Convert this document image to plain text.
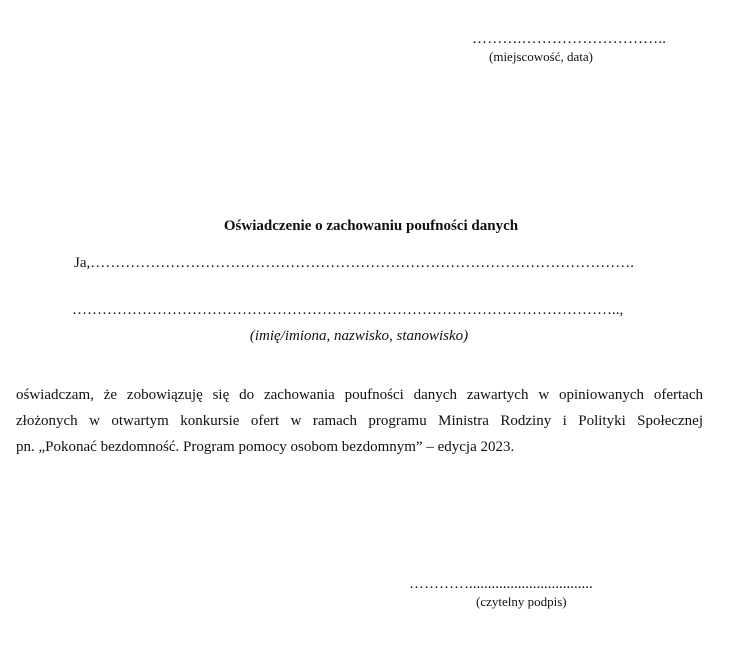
……….………………………..
(miejscowość, data)
Oświadczenie o zachowaniu poufności danych
Ja,……………………………………………………………………………………………….
………………………………………………………………………………………………..,
(imię/imiona, nazwisko, stanowisko)
oświadczam, że zobowiązuję się do zachowania poufności danych zawartych w opiniowanych ofertach
złożonych w otwartym konkursie ofert w ramach programu Ministra Rodziny i Polityki Społecznej
pn. „Pokonać bezdomność. Program pomocy osobom bezdomnym” – edycja 2023.
………….................................
(czytelny podpis)
